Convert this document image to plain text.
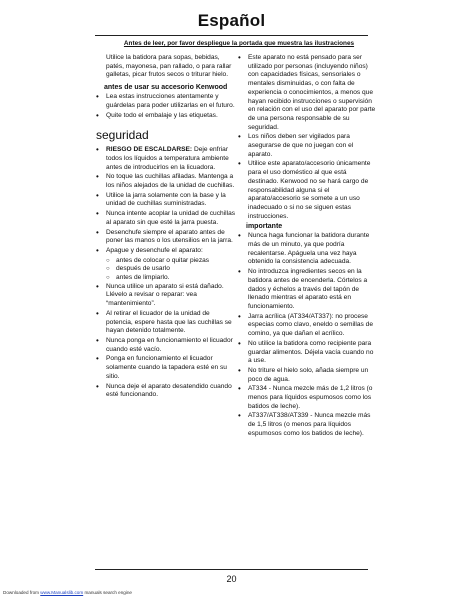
Español
Antes de leer, por favor despliegue la portada que muestra las ilustraciones

Utilice la batidora para sopas, bebidas, patés, mayonesa, pan rallado, o para rallar galletas, picar frutos secos o triturar hielo.

antes de usar su accesorio Kenwood
• Lea estas instrucciones atentamente y guárdelas para poder utilizarlas en el futuro.
• Quite todo el embalaje y las etiquetas.
seguridad
• RIESGO DE ESCALDARSE: Deje enfriar todos los líquidos a temperatura ambiente antes de introducirlos en la licuadora.
• No toque las cuchillas afiladas. Mantenga a los niños alejados de la unidad de cuchillas.
• Utilice la jarra solamente con la base y la unidad de cuchillas suministradas.
• Nunca intente acoplar la unidad de cuchillas al aparato sin que esté la jarra puesta.
• Desenchufe siempre el aparato antes de poner las manos o los utensilios en la jarra.
• Apague y desenchufe el aparato:
○ antes de colocar o quitar piezas
○ después de usarlo
○ antes de limpiarlo.
• Nunca utilice un aparato si está dañado. Llévelo a revisar o reparar: vea “mantenimiento”.
• Al retirar el licuador de la unidad de potencia, espere hasta que las cuchillas se hayan detenido totalmente.
• Nunca ponga en funcionamiento el licuador cuando esté vacío.
• Ponga en funcionamiento el licuador solamente cuando la tapadera esté en su sitio.
• Nunca deje el aparato desatendido cuando esté funcionando.
• Este aparato no está pensado para ser utilizado por personas (incluyendo niños) con capacidades físicas, sensoriales o mentales disminuidas, o con falta de experiencia o conocimientos, a menos que hayan recibido instrucciones o supervisión en relación con el uso del aparato por parte de una persona responsable de su seguridad.
• Los niños deben ser vigilados para asegurarse de que no juegan con el aparato.
• Utilice este aparato/accesorio únicamente para el uso doméstico al que está destinado. Kenwood no se hará cargo de responsabilidad alguna si el aparato/accesorio se somete a un uso inadecuado o si no se siguen estas instrucciones.
importante
• Nunca haga funcionar la batidora durante más de un minuto, ya que podría recalentarse. Apáguela una vez haya obtenido la consistencia adecuada.
• No introduzca ingredientes secos en la batidora antes de encenderla. Córtelos a dados y échelos a través del tapón de llenado mientras el aparato está en funcionamiento.
• Jarra acrílica (AT334/AT337): no procese especias como clavo, eneldo o semillas de comino, ya que dañan el acrílico.
• No utilice la batidora como recipiente para guardar alimentos. Déjela vacía cuando no a use.
• No triture el hielo solo, añada siempre un poco de agua.
• AT334 - Nunca mezcle más de 1,2 litros (o menos para líquidos espumosos como los batidos de leche).
• AT337/AT338/AT339 - Nunca mezcle más de 1,5 litros (o menos para líquidos espumosos como los batidos de leche).
20
Downloaded from www.Manualslib.com manuals search engine
